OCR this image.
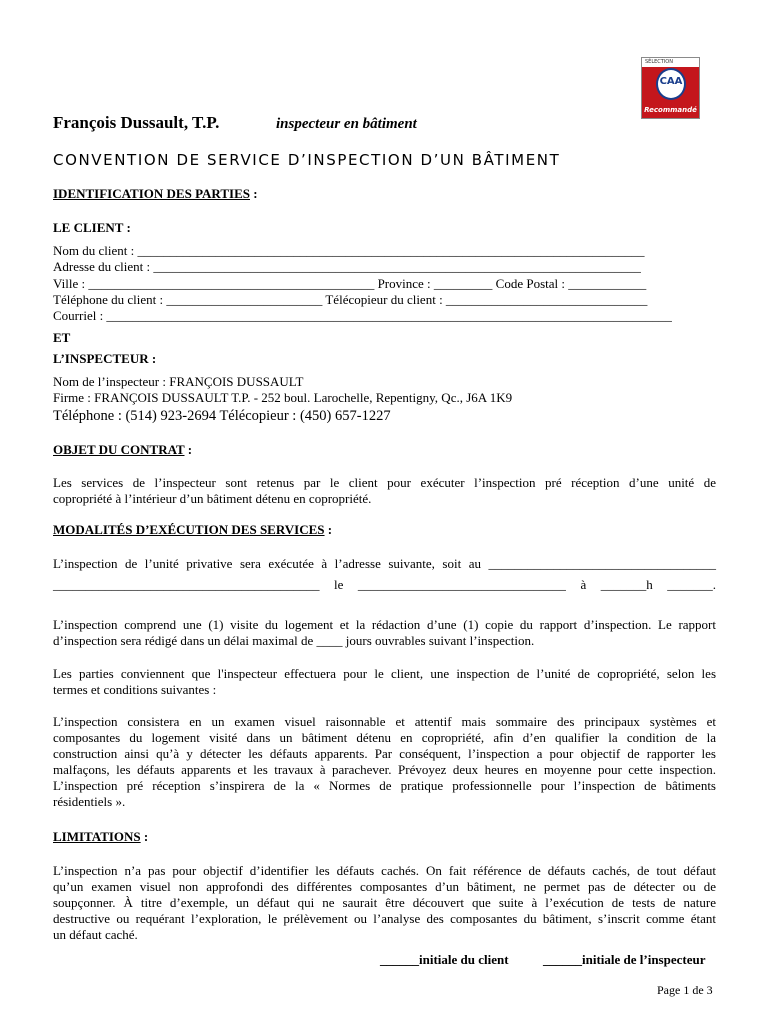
SÉLECTION
CAA
Recommandé
François Dussault, T.P.	inspecteur en bâtiment
CONVENTION DE SERVICE D’INSPECTION D’UN BÂTIMENT
IDENTIFICATION DES PARTIES :
LE CLIENT :
Nom du client : ______________________________________________________________________________
Adresse du client : ___________________________________________________________________________
Ville : ____________________________________________ Province : _________ Code Postal : ____________
Téléphone du client : ________________________ Télécopieur du client : _______________________________
Courriel : _______________________________________________________________________________________
ET
L’INSPECTEUR :
Nom de l’inspecteur : FRANÇOIS DUSSAULT
Firme : FRANÇOIS DUSSAULT T.P. - 252 boul. Larochelle, Repentigny, Qc., J6A 1K9
Téléphone : (514) 923-2694 Télécopieur : (450) 657-1227
OBJET DU CONTRAT :
Les services de l’inspecteur sont retenus par le client pour exécuter l’inspection pré réception d’une unité de
copropriété à l’intérieur d’un bâtiment détenu en copropriété.
MODALITÉS D’EXÉCUTION DES SERVICES :
L’inspection de l’unité privative sera exécutée à l’adresse suivante, soit au ___________________________________
_________________________________________ le ________________________________ à _______h _______.
L’inspection comprend une (1) visite du logement et la rédaction d’une (1) copie du rapport d’inspection. Le rapport
d’inspection sera rédigé dans un délai maximal de ____ jours ouvrables suivant l’inspection.
Les parties conviennent que l'inspecteur effectuera pour le client, une inspection de l’unité de copropriété, selon les
termes et conditions suivantes :
L’inspection consistera en un examen visuel raisonnable et attentif mais sommaire des principaux systèmes et
composantes du logement visité dans un bâtiment détenu en copropriété, afin d’en qualifier la condition de la
construction ainsi qu’à y détecter les défauts apparents. Par conséquent, l’inspection a pour objectif de rapporter les
malfaçons, les défauts apparents et les travaux à parachever. Prévoyez deux heures en moyenne pour cette inspection.
L’inspection pré réception s’inspirera de la « Normes de pratique professionnelle pour l’inspection de bâtiments
résidentiels ».
LIMITATIONS :
L’inspection n’a pas pour objectif d’identifier les défauts cachés. On fait référence de défauts cachés, de tout défaut
qu’un examen visuel non approfondi des différentes composantes d’un bâtiment, ne permet pas de détecter ou de
soupçonner. À titre d’exemple, un défaut qui ne saurait être découvert que suite à l’exécution de tests de nature
destructive ou requérant l’exploration, le prélèvement ou l’analyse des composantes du bâtiment, s’inscrit comme étant
un défaut caché.
______initiale du client	______initiale de l’inspecteur
Page 1 de 3
